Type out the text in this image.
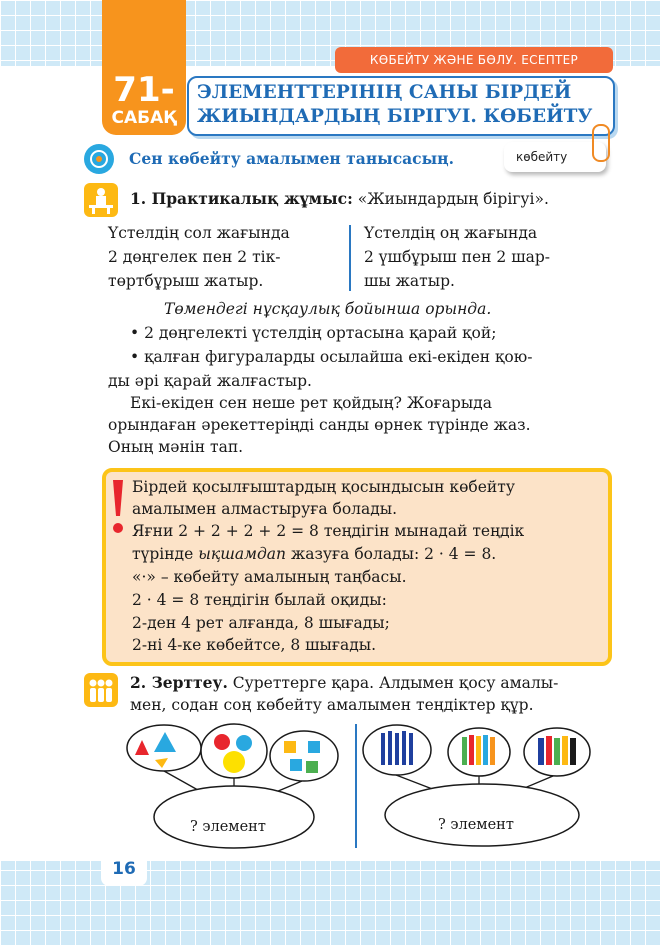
КӨБЕЙТУ ЖӘНЕ БӨЛУ. ЕСЕПТЕР
71-
САБАҚ
ЭЛЕМЕНТТЕРІНІҢ САНЫ БІРДЕЙ
ЖИЫНДАРДЫҢ БІРІГУІ. КӨБЕЙТУ
көбейту
Сен көбейту амалымен танысасың.
1. Практикалық жұмыс: «Жиындардың бірігуі».
Үстелдің сол жағында
2 дөңгелек пен 2 тік-
төртбұрыш жатыр.
Үстелдің оң жағында
2 үшбұрыш пен 2 шар-
шы жатыр.
Төмендегі нұсқаулық бойынша орында.
• 2 дөңгелекті үстелдің ортасына қарай қой;
• қалған фигураларды осылайша екі-екіден қою-
ды әрі қарай жалғастыр.
Екі-екіден сен неше рет қойдың? Жоғарыда
орындаған әрекеттеріңді санды өрнек түрінде жаз.
Оның мәнін тап.
Бірдей қосылғыштардың қосындысын көбейту
амалымен алмастыруға болады.
Яғни 2 + 2 + 2 + 2 = 8 теңдігін мынадай теңдік
түрінде ықшамдап жазуға болады: 2 · 4 = 8.
«·» – көбейту амалының таңбасы.
2 · 4 = 8 теңдігін былай оқиды:
2-ден 4 рет алғанда, 8 шығады;
2-ні 4-ке көбейтсе, 8 шығады.
2. Зерттеу. Суреттерге қара. Алдымен қосу амалы-
мен, содан соң көбейту амалымен теңдіктер құр.
? элемент	? элемент
16
